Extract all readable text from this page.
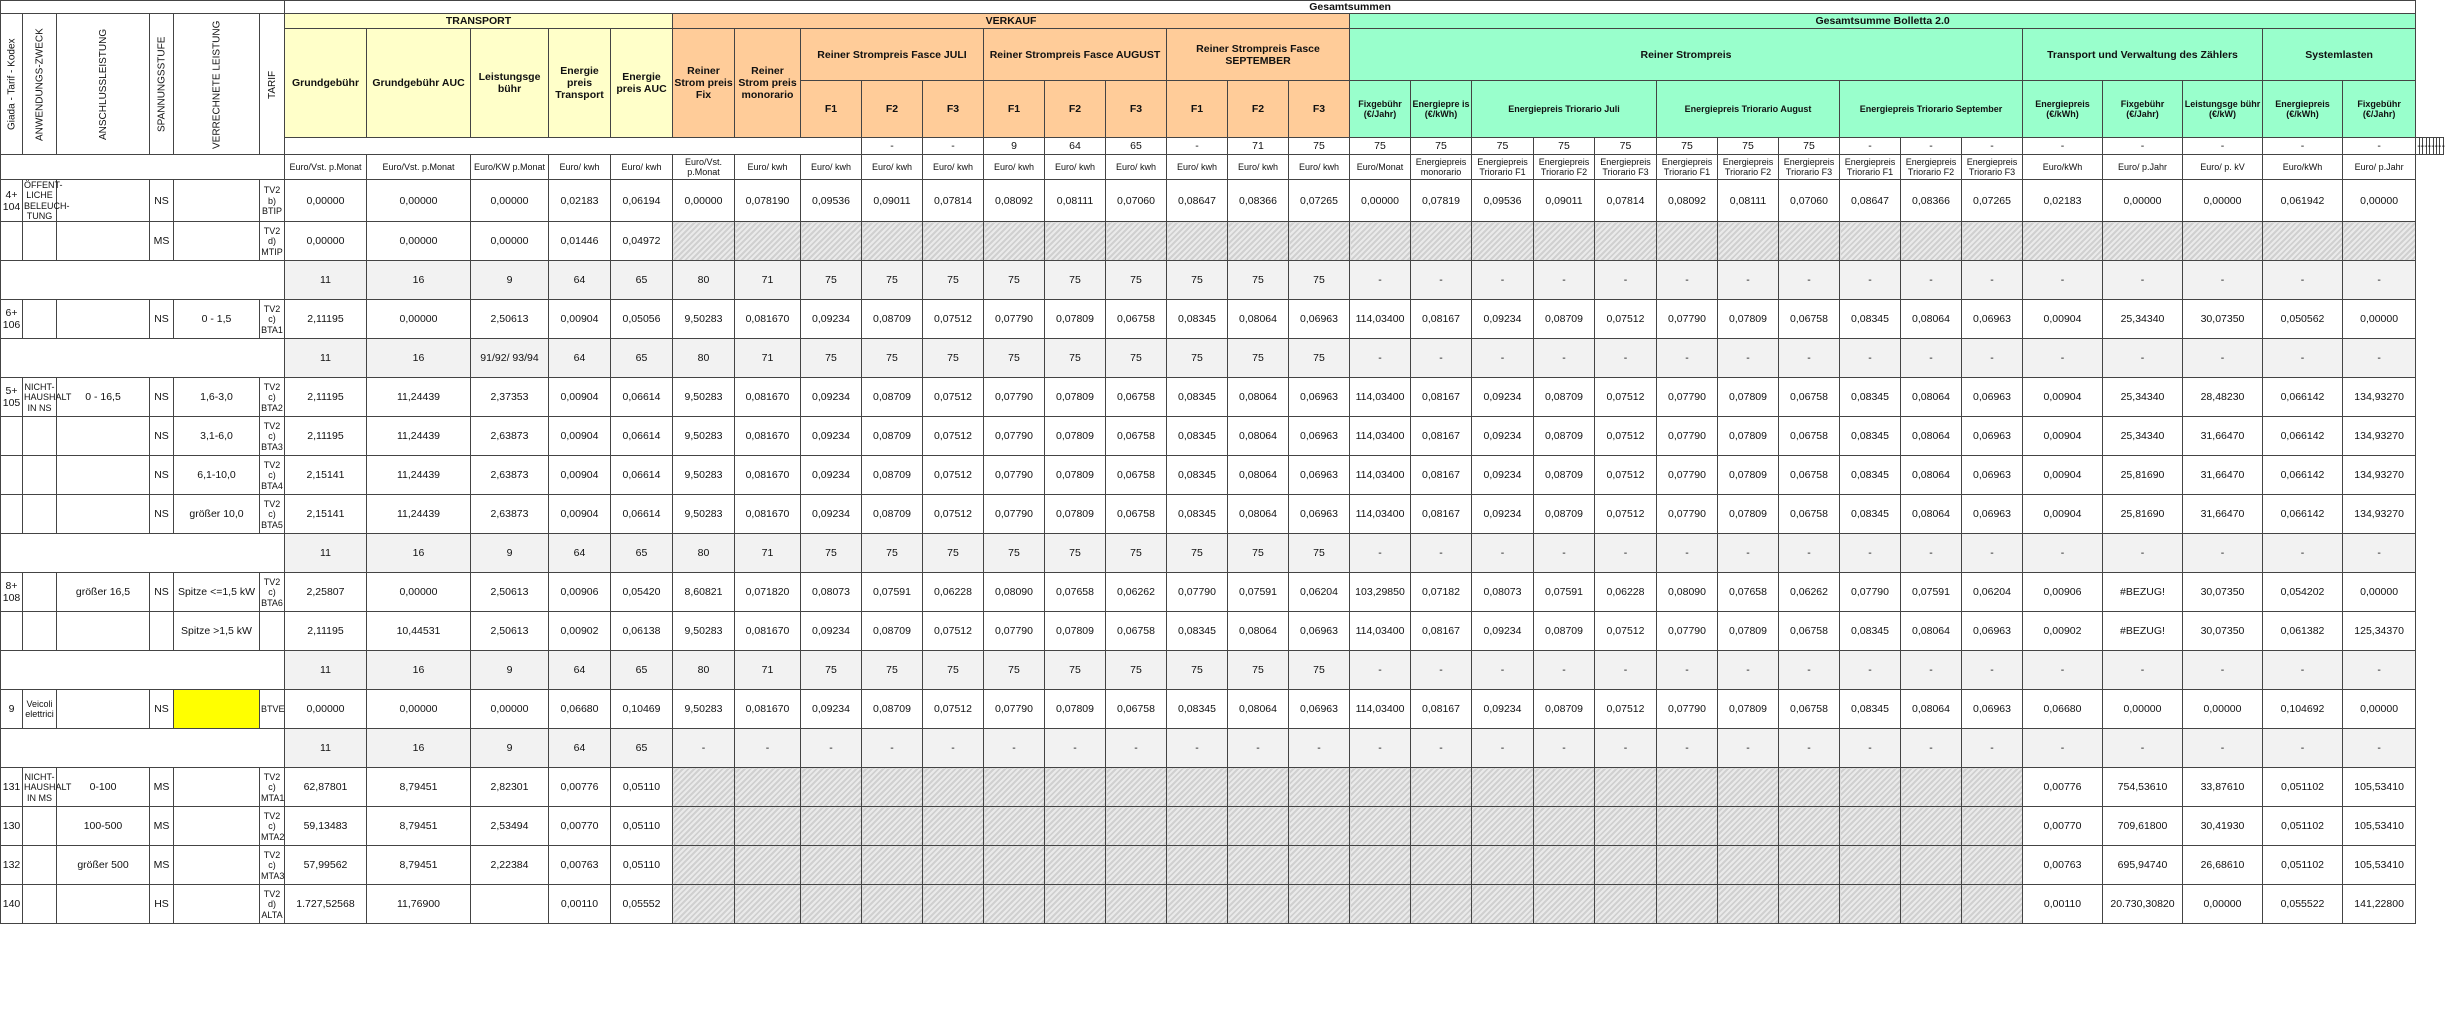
						Gesamtsummen																																							
Giada - Tarif - Kodex	ANWENDUNGS-ZWECK	ANSCHLUSSLEISTUNG	SPANNUNGSSTUFE	VERRECHNETE LEISTUNG	TARIF	TRANSPORT					VERKAUF											Gesamtsumme Bolletta 2.0																							
						Grundgebühr	Grundgebühr AUC	Leistungsge bühr	Energie preis Transport	Energie preis AUC	Reiner Strom preis Fix	Reiner Strom preis monorario	Reiner Strompreis Fasce JULI			Reiner Strompreis Fasce AUGUST			Reiner Strompreis Fasce SEPTEMBER			Reiner Strompreis											Transport und Verwaltung des Zählers			Systemlasten									
													F1	F2	F3	F1	F2	F3	F1	F2	F3	Fixgebühr (€/Jahr)	Energiepre is (€/kWh)	Energiepreis Triorario Juli			Energiepreis Triorario August			Energiepreis Triorario September			Energiepreis (€/kWh)	Fixgebühr (€/Jahr)	Leistungsge bühr (€/kW)	Energiepreis (€/kWh)	Fixgebühr (€/Jahr)								
														-	-	9	64	65	-	71	75	75	75	75	75	75	75	75	75	-	-	-	-	-	-	-	-	-	-	-	-	-	-	-	-
						Euro/Vst. p.Monat	Euro/Vst. p.Monat	Euro/KW p.Monat	Euro/ kwh	Euro/ kwh	Euro/Vst. p.Monat	Euro/ kwh	Euro/ kwh	Euro/ kwh	Euro/ kwh	Euro/ kwh	Euro/ kwh	Euro/ kwh	Euro/ kwh	Euro/ kwh	Euro/ kwh	Euro/Monat	Energiepreis monorario	Energiepreis Triorario F1	Energiepreis Triorario F2	Energiepreis Triorario F3	Energiepreis Triorario F1	Energiepreis Triorario F2	Energiepreis Triorario F3	Energiepreis Triorario F1	Energiepreis Triorario F2	Energiepreis Triorario F3	Euro/kWh	Euro/ p.Jahr	Euro/ p. kV	Euro/kWh	Euro/ p.Jahr								
4+ 104	ÖFFENT-LICHE BELEUCH-TUNG		NS		TV2 b) BTIP	0,00000	0,00000	0,00000	0,02183	0,06194	0,00000	0,078190	0,09536	0,09011	0,07814	0,08092	0,08111	0,07060	0,08647	0,08366	0,07265	0,00000	0,07819	0,09536	0,09011	0,07814	0,08092	0,08111	0,07060	0,08647	0,08366	0,07265	0,02183	0,00000	0,00000	0,061942	0,00000								
			MS		TV2 d) MTIP	0,00000	0,00000	0,00000	0,01446	0,04972																																			
						11	16	9	64	65	80	71	75	75	75	75	75	75	75	75	75	-	-	-	-	-	-	-	-	-	-	-	-	-	-	-	-								
6+ 106			NS	0 - 1,5	TV2 c) BTA1	2,11195	0,00000	2,50613	0,00904	0,05056	9,50283	0,081670	0,09234	0,08709	0,07512	0,07790	0,07809	0,06758	0,08345	0,08064	0,06963	114,03400	0,08167	0,09234	0,08709	0,07512	0,07790	0,07809	0,06758	0,08345	0,08064	0,06963	0,00904	25,34340	30,07350	0,050562	0,00000								
						11	16	91/92/ 93/94	64	65	80	71	75	75	75	75	75	75	75	75	75	-	-	-	-	-	-	-	-	-	-	-	-	-	-	-	-								
5+ 105	NICHT-HAUSHALT IN NS	0 - 16,5	NS	1,6-3,0	TV2 c) BTA2	2,11195	11,24439	2,37353	0,00904	0,06614	9,50283	0,081670	0,09234	0,08709	0,07512	0,07790	0,07809	0,06758	0,08345	0,08064	0,06963	114,03400	0,08167	0,09234	0,08709	0,07512	0,07790	0,07809	0,06758	0,08345	0,08064	0,06963	0,00904	25,34340	28,48230	0,066142	134,93270								
			NS	3,1-6,0	TV2 c) BTA3	2,11195	11,24439	2,63873	0,00904	0,06614	9,50283	0,081670	0,09234	0,08709	0,07512	0,07790	0,07809	0,06758	0,08345	0,08064	0,06963	114,03400	0,08167	0,09234	0,08709	0,07512	0,07790	0,07809	0,06758	0,08345	0,08064	0,06963	0,00904	25,34340	31,66470	0,066142	134,93270								
			NS	6,1-10,0	TV2 c) BTA4	2,15141	11,24439	2,63873	0,00904	0,06614	9,50283	0,081670	0,09234	0,08709	0,07512	0,07790	0,07809	0,06758	0,08345	0,08064	0,06963	114,03400	0,08167	0,09234	0,08709	0,07512	0,07790	0,07809	0,06758	0,08345	0,08064	0,06963	0,00904	25,81690	31,66470	0,066142	134,93270								
			NS	größer 10,0	TV2 c) BTA5	2,15141	11,24439	2,63873	0,00904	0,06614	9,50283	0,081670	0,09234	0,08709	0,07512	0,07790	0,07809	0,06758	0,08345	0,08064	0,06963	114,03400	0,08167	0,09234	0,08709	0,07512	0,07790	0,07809	0,06758	0,08345	0,08064	0,06963	0,00904	25,81690	31,66470	0,066142	134,93270								
						11	16	9	64	65	80	71	75	75	75	75	75	75	75	75	75	-	-	-	-	-	-	-	-	-	-	-	-	-	-	-	-								
8+ 108		größer 16,5	NS	Spitze <=1,5 kW	TV2 c) BTA6	2,25807	0,00000	2,50613	0,00906	0,05420	8,60821	0,071820	0,08073	0,07591	0,06228	0,08090	0,07658	0,06262	0,07790	0,07591	0,06204	103,29850	0,07182	0,08073	0,07591	0,06228	0,08090	0,07658	0,06262	0,07790	0,07591	0,06204	0,00906	#BEZUG!	30,07350	0,054202	0,00000								
				Spitze >1,5 kW		2,11195	10,44531	2,50613	0,00902	0,06138	9,50283	0,081670	0,09234	0,08709	0,07512	0,07790	0,07809	0,06758	0,08345	0,08064	0,06963	114,03400	0,08167	0,09234	0,08709	0,07512	0,07790	0,07809	0,06758	0,08345	0,08064	0,06963	0,00902	#BEZUG!	30,07350	0,061382	125,34370								
						11	16	9	64	65	80	71	75	75	75	75	75	75	75	75	75	-	-	-	-	-	-	-	-	-	-	-	-	-	-	-	-								
9	Veicoli elettrici		NS		BTVE	0,00000	0,00000	0,00000	0,06680	0,10469	9,50283	0,081670	0,09234	0,08709	0,07512	0,07790	0,07809	0,06758	0,08345	0,08064	0,06963	114,03400	0,08167	0,09234	0,08709	0,07512	0,07790	0,07809	0,06758	0,08345	0,08064	0,06963	0,06680	0,00000	0,00000	0,104692	0,00000								
						11	16	9	64	65	-	-	-	-	-	-	-	-	-	-	-	-	-	-	-	-	-	-	-	-	-	-	-	-	-	-	-								
131	NICHT-HAUSHALT IN MS	0-100	MS		TV2 c) MTA1	62,87801	8,79451	2,82301	0,00776	0,05110																							0,00776	754,53610	33,87610	0,051102	105,53410								
130		100-500	MS		TV2 c) MTA2	59,13483	8,79451	2,53494	0,00770	0,05110																							0,00770	709,61800	30,41930	0,051102	105,53410								
132		größer 500	MS		TV2 c) MTA3	57,99562	8,79451	2,22384	0,00763	0,05110																							0,00763	695,94740	26,68610	0,051102	105,53410								
140			HS		TV2 d) ALTA	1.727,52568	11,76900		0,00110	0,05552																							0,00110	20.730,30820	0,00000	0,055522	141,22800								
